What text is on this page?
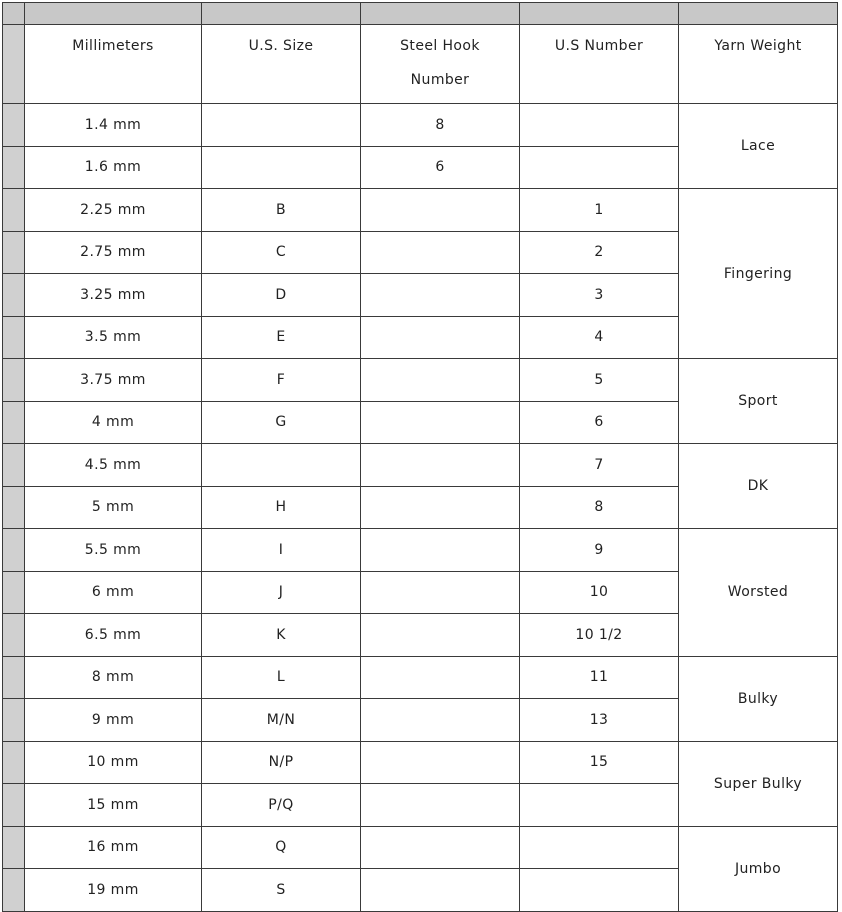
	Millimeters	U.S. Size	Steel Hook Number	U.S Number	Yarn Weight
	1.4 mm		8		Lace
	1.6 mm		6		
	2.25 mm	B		1	Fingering
	2.75 mm	C		2	
	3.25 mm	D		3	
	3.5 mm	E		4	
	3.75 mm	F		5	Sport
	4 mm	G		6	
	4.5 mm			7	DK
	5 mm	H		8	
	5.5 mm	I		9	Worsted
	6 mm	J		10	
	6.5 mm	K		10 1/2	
	8 mm	L		11	Bulky
	9 mm	M/N		13	
	10 mm	N/P		15	Super Bulky
	15 mm	P/Q			
	16 mm	Q			Jumbo
	19 mm	S			
